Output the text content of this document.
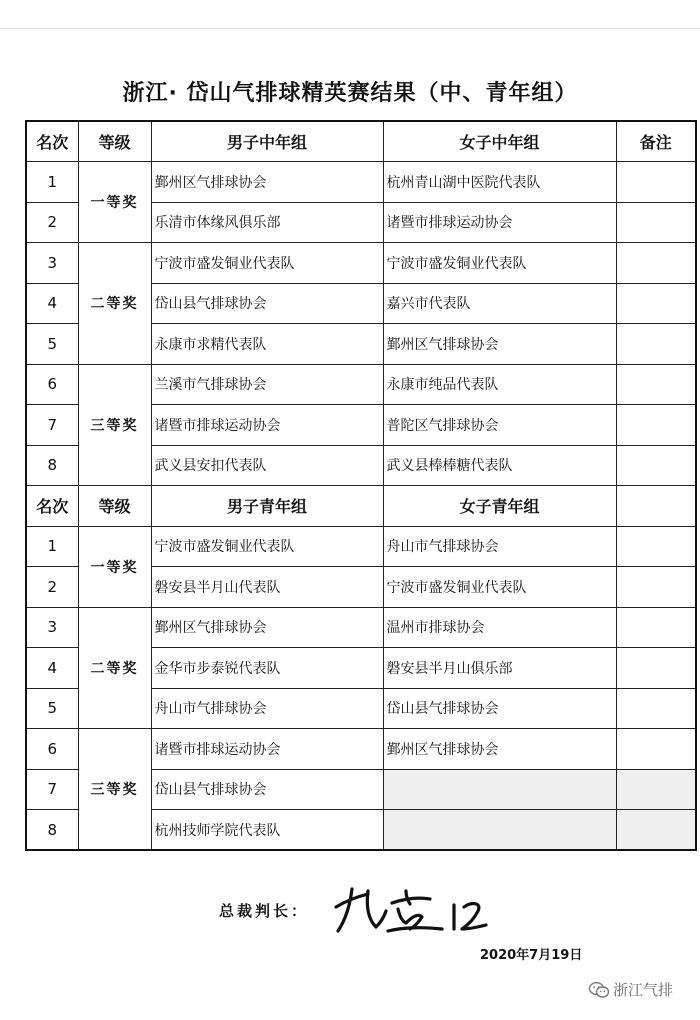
浙江· 岱山气排球精英赛结果（中、青年组）
名次	等级	男子中年组	女子中年组	备注
1	一等奖	鄞州区气排球协会	杭州青山湖中医院代表队	
2		乐清市体缘风俱乐部	诸暨市排球运动协会	
3	二等奖	宁波市盛发铜业代表队	宁波市盛发铜业代表队	
4		岱山县气排球协会	嘉兴市代表队	
5		永康市求精代表队	鄞州区气排球协会	
6	三等奖	兰溪市气排球协会	永康市纯品代表队	
7		诸暨市排球运动协会	普陀区气排球协会	
8		武义县安扣代表队	武义县棒棒糖代表队	
名次	等级	男子青年组	女子青年组	
1	一等奖	宁波市盛发铜业代表队	舟山市气排球协会	
2		磐安县半月山代表队	宁波市盛发铜业代表队	
3	二等奖	鄞州区气排球协会	温州市排球协会	
4		金华市步泰锐代表队	磐安县半月山俱乐部	
5		舟山市气排球协会	岱山县气排球协会	
6	三等奖	诸暨市排球运动协会	鄞州区气排球协会	
7		岱山县气排球协会		
8		杭州技师学院代表队		
总裁判长：
2020年7月19日
浙江气排
